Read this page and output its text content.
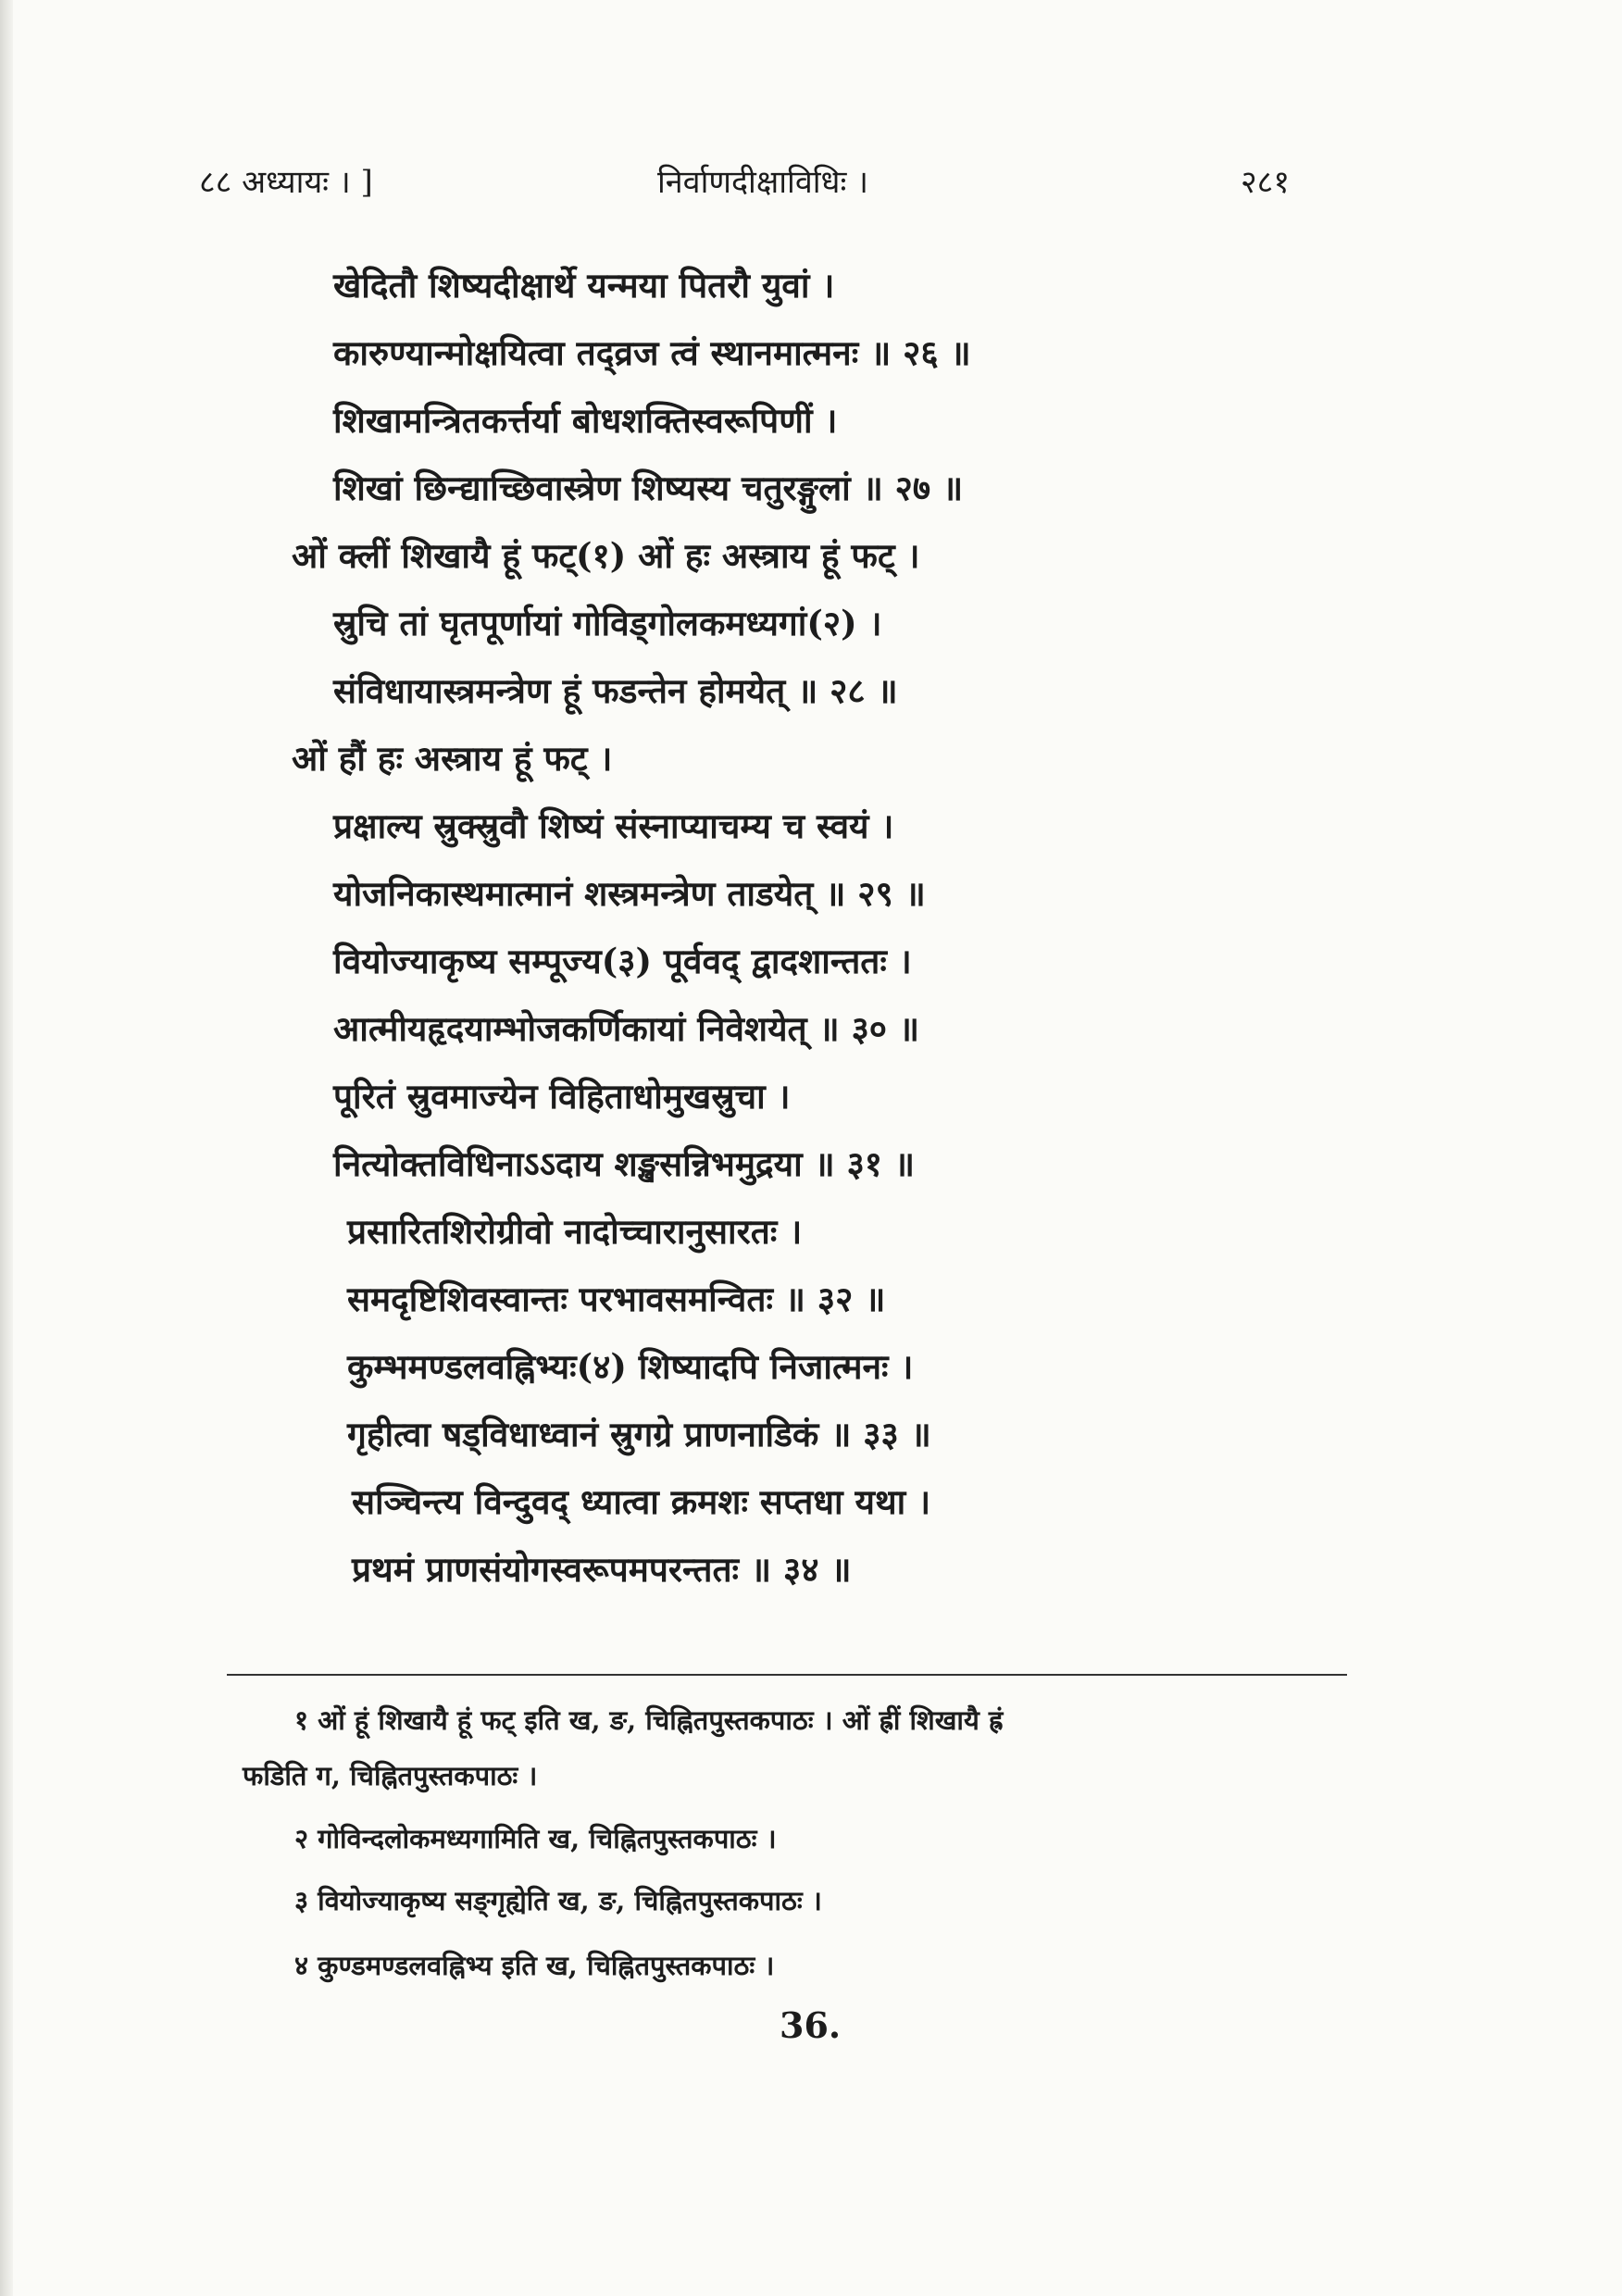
८८ अध्यायः । ]	निर्वाणदीक्षाविधिः ।	२८१
खेदितौ शिष्यदीक्षार्थे यन्मया पितरौ युवां ।
कारुण्यान्मोक्षयित्वा तद्व्रज त्वं स्थानमात्मनः ॥ २६ ॥
शिखामन्त्रितकर्त्तर्या बोधशक्तिस्वरूपिणीं ।
शिखां छिन्द्याच्छिवास्त्रेण शिष्यस्य चतुरङ्गुलां ॥ २७ ॥
ओं क्लीं शिखायै हूं फट्(१) ओं हः अस्त्राय हूं फट् ।
स्रुचि तां घृतपूर्णायां गोविड्गोलकमध्यगां(२) ।
संविधायास्त्रमन्त्रेण हूं फडन्तेन होमयेत् ॥ २८ ॥
ओं हौं हः अस्त्राय हूं फट् ।
प्रक्षाल्य स्रुक्स्रुवौ शिष्यं संस्नाप्याचम्य च स्वयं ।
योजनिकास्थमात्मानं शस्त्रमन्त्रेण ताडयेत् ॥ २९ ॥
वियोज्याकृष्य सम्पूज्य(३) पूर्ववद् द्वादशान्ततः ।
आत्मीयहृदयाम्भोजकर्णिकायां निवेशयेत् ॥ ३० ॥
पूरितं स्रुवमाज्येन विहिताधोमुखस्रुचा ।
नित्योक्तविधिनाऽऽदाय शङ्खसन्निभमुद्रया ॥ ३१ ॥
प्रसारितशिरोग्रीवो नादोच्चारानुसारतः ।
समदृष्टिशिवस्वान्तः परभावसमन्वितः ॥ ३२ ॥
कुम्भमण्डलवह्निभ्यः(४) शिष्यादपि निजात्मनः ।
गृहीत्वा षड्विधाध्वानं स्रुगग्रे प्राणनाडिकं ॥ ३३ ॥
सञ्चिन्त्य विन्दुवद् ध्यात्वा क्रमशः सप्तधा यथा ।
प्रथमं प्राणसंयोगस्वरूपमपरन्ततः ॥ ३४ ॥
१ ओं हूं शिखायै हूं फट् इति ख, ङ, चिह्नितपुस्तकपाठः । ओं ह्रीं शिखायै ह्रं
फडिति ग, चिह्नितपुस्तकपाठः ।
२ गोविन्दलोकमध्यगामिति ख, चिह्नितपुस्तकपाठः ।
३ वियोज्याकृष्य सङ्गृह्येति ख, ङ, चिह्नितपुस्तकपाठः ।
४ कुण्डमण्डलवह्निभ्य इति ख, चिह्नितपुस्तकपाठः ।
36.
